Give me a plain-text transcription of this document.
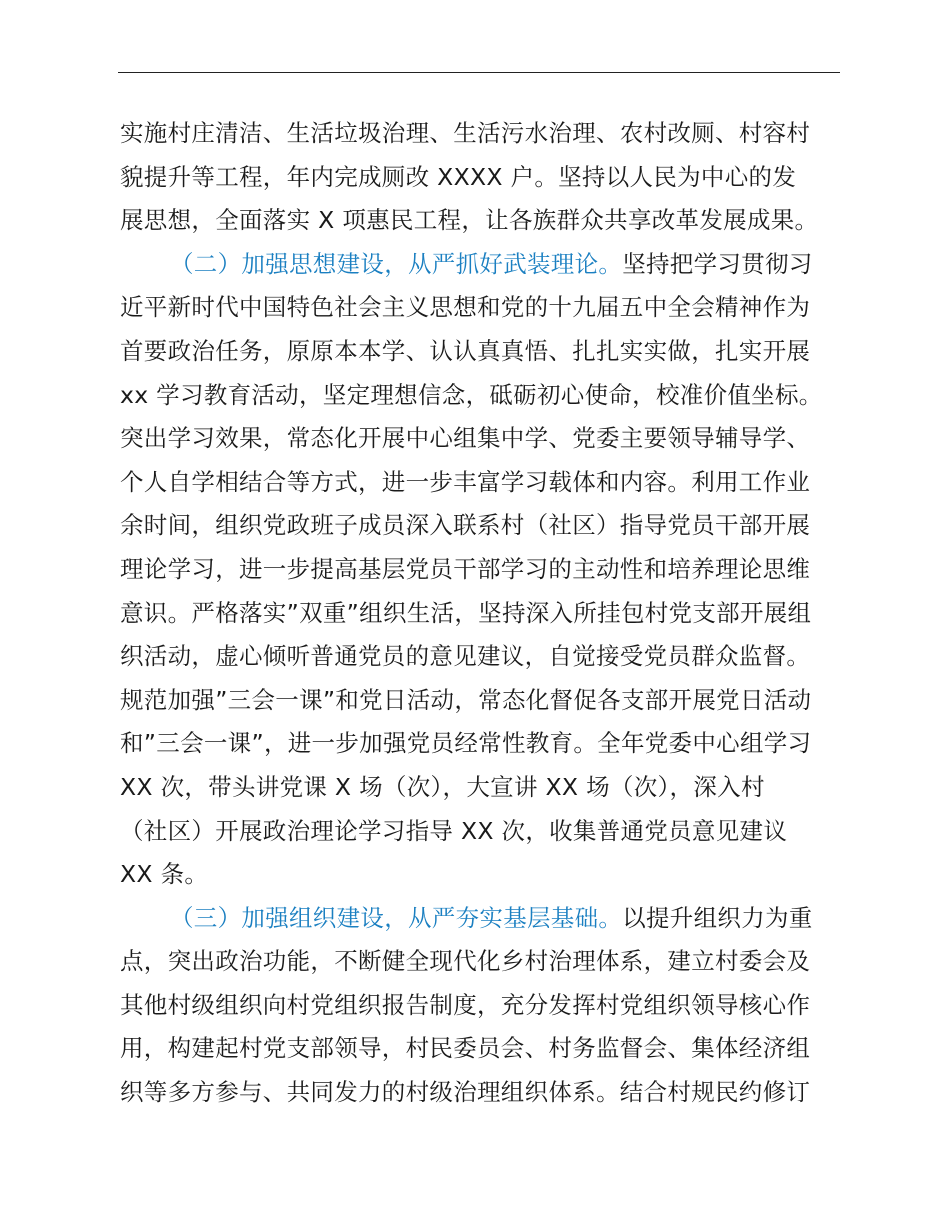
实施村庄清洁、生活垃圾治理、生活污水治理、农村改厕、村容村
貌提升等工程，年内完成厕改 XXXX 户。坚持以人民为中心的发
展思想，全面落实 X 项惠民工程，让各族群众共享改革发展成果。
（二）加强思想建设，从严抓好武装理论。坚持把学习贯彻习
近平新时代中国特色社会主义思想和党的十九届五中全会精神作为
首要政治任务，原原本本学、认认真真悟、扎扎实实做，扎实开展
xx 学习教育活动，坚定理想信念，砥砺初心使命，校准价值坐标。
突出学习效果，常态化开展中心组集中学、党委主要领导辅导学、
个人自学相结合等方式，进一步丰富学习载体和内容。利用工作业
余时间，组织党政班子成员深入联系村（社区）指导党员干部开展
理论学习，进一步提高基层党员干部学习的主动性和培养理论思维
意识。严格落实”双重”组织生活，坚持深入所挂包村党支部开展组
织活动，虚心倾听普通党员的意见建议，自觉接受党员群众监督。
规范加强”三会一课”和党日活动，常态化督促各支部开展党日活动
和”三会一课”，进一步加强党员经常性教育。全年党委中心组学习
XX 次，带头讲党课 X 场（次），大宣讲 XX 场（次），深入村
（社区）开展政治理论学习指导 XX 次，收集普通党员意见建议
XX 条。
（三）加强组织建设，从严夯实基层基础。以提升组织力为重
点，突出政治功能，不断健全现代化乡村治理体系，建立村委会及
其他村级组织向村党组织报告制度，充分发挥村党组织领导核心作
用，构建起村党支部领导，村民委员会、村务监督会、集体经济组
织等多方参与、共同发力的村级治理组织体系。结合村规民约修订
